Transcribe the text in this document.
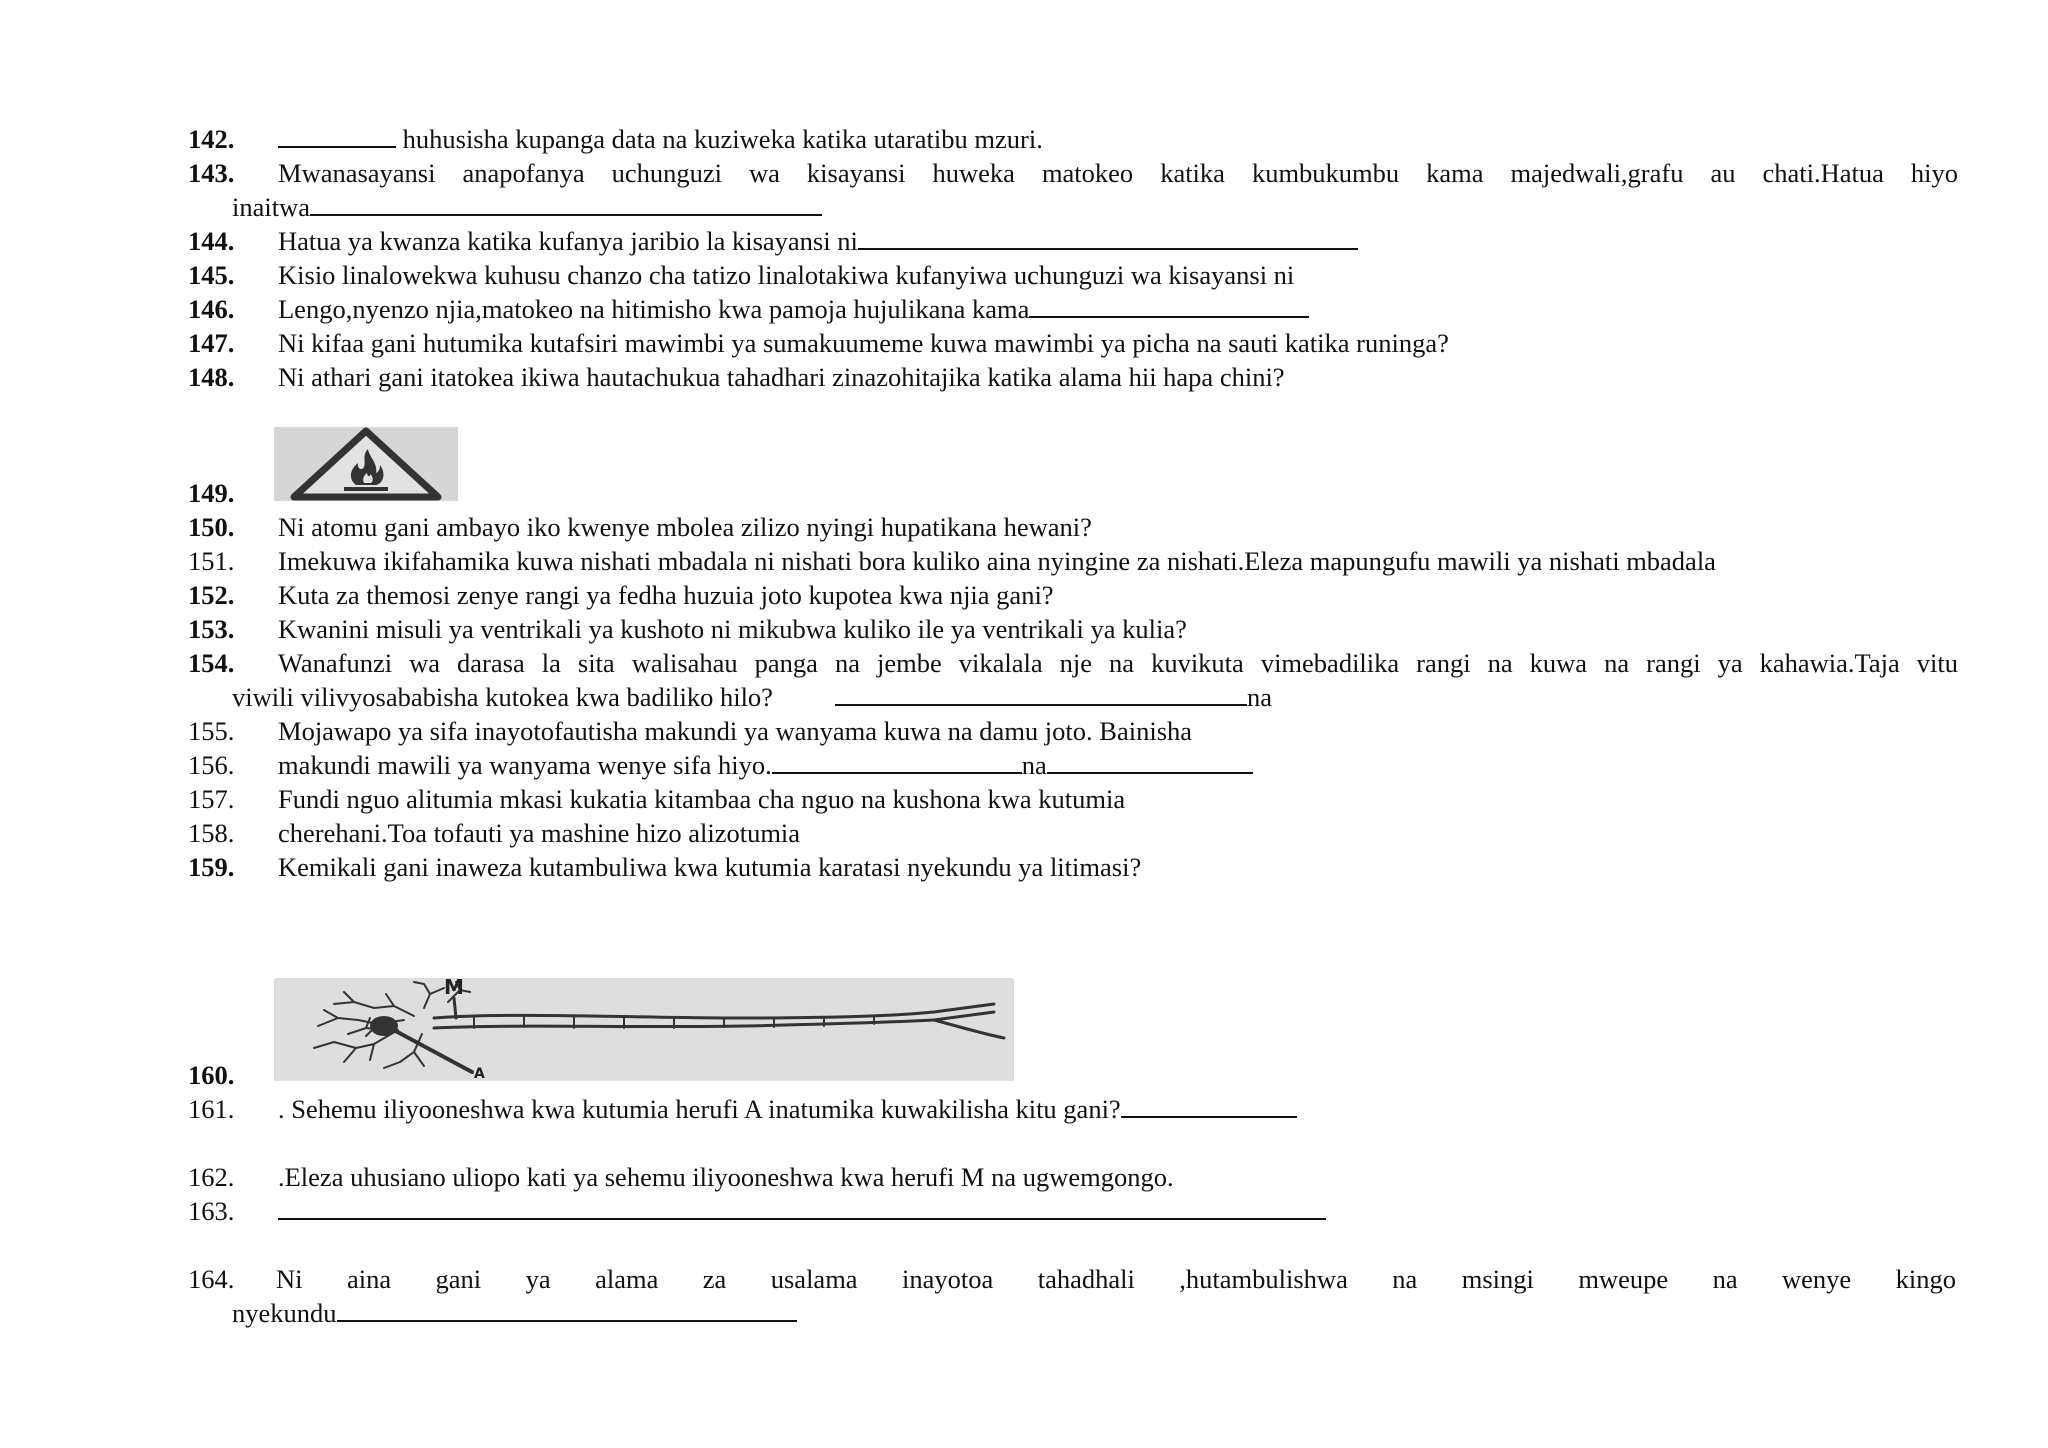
142.	huhusisha kupanga data na kuziweka katika utaratibu mzuri.
143. Mwanasayansi anapofanya uchunguzi wa kisayansi huweka matokeo katika kumbukumbu kama majedwali,grafu au chati.Hatua hiyo
inaitwa
144. Hatua ya kwanza katika kufanya jaribio la kisayansi ni
145. Kisio linalowekwa kuhusu chanzo cha tatizo linalotakiwa kufanyiwa uchunguzi wa kisayansi ni
146. Lengo,nyenzo njia,matokeo na hitimisho kwa pamoja hujulikana kama
147. Ni kifaa gani hutumika kutafsiri mawimbi ya sumakuumeme kuwa mawimbi ya picha na sauti katika runinga?
148. Ni athari gani itatokea ikiwa hautachukua tahadhari zinazohitajika katika alama hii hapa chini?
149.
150. Ni atomu gani ambayo iko kwenye mbolea zilizo nyingi hupatikana hewani?
151. Imekuwa ikifahamika kuwa nishati mbadala ni nishati bora kuliko aina nyingine za nishati.Eleza mapungufu mawili ya nishati mbadala
152. Kuta za themosi zenye rangi ya fedha huzuia joto kupotea kwa njia gani?
153. Kwanini misuli ya ventrikali ya kushoto ni mikubwa kuliko ile ya ventrikali ya kulia?
154. Wanafunzi wa darasa la sita walisahau panga na jembe vikalala nje na kuvikuta vimebadilika rangi na kuwa na rangi ya kahawia.Taja vitu
viwili vilivyosababisha kutokea kwa badiliko hilo?	na
155. Mojawapo ya sifa inayotofautisha makundi ya wanyama kuwa na damu joto. Bainisha
156. makundi mawili ya wanyama wenye sifa hiyo.	na
157. Fundi nguo alitumia mkasi kukatia kitambaa cha nguo na kushona kwa kutumia
158. cherehani.Toa tofauti ya mashine hizo alizotumia
159. Kemikali gani inaweza kutambuliwa kwa kutumia karatasi nyekundu ya litimasi?
M
A
160.
161. . Sehemu iliyooneshwa kwa kutumia herufi A inatumika kuwakilisha kitu gani?
162. .Eleza uhusiano uliopo kati ya sehemu iliyooneshwa kwa herufi M na ugwemgongo.
163.
164. Ni aina gani ya alama za usalama inayotoa tahadhali ,hutambulishwa na msingi mweupe na wenye kingo
nyekundu
